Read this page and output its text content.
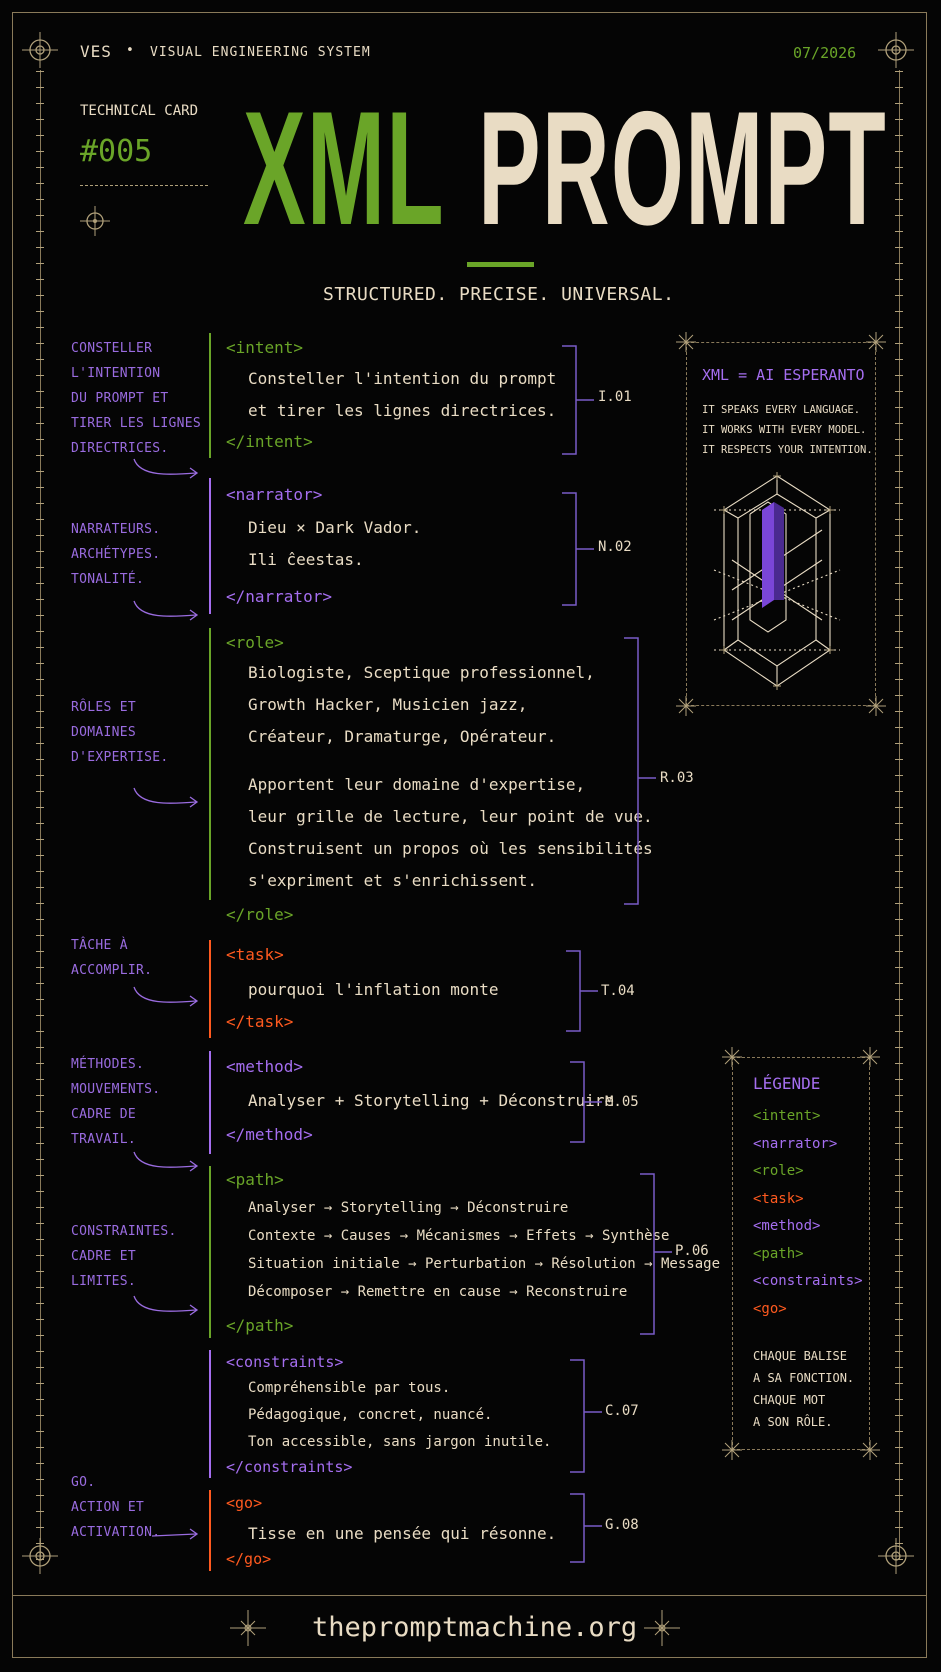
VES • VISUAL ENGINEERING SYSTEM	07/2026
TECHNICAL CARD
#005 XML PROMPT
STRUCTURED. PRECISE. UNIVERSAL.
CONSTELLER
L'INTENTION
DU PROMPT ET
TIRER LES LIGNES
DIRECTRICES.
NARRATEURS.
ARCHÉTYPES.
TONALITÉ.
RÔLES ET
DOMAINES
D'EXPERTISE.
TÂCHE À
ACCOMPLIR.
MÉTHODES.
MOUVEMENTS.
CADRE DE
TRAVAIL.
CONSTRAINTES.
CADRE ET
LIMITES.
GO.
ACTION ET
ACTIVATION.
<intent>
Consteller l'intention du prompt
et tirer les lignes directrices.
</intent>
<narrator>
Dieu × Dark Vador.
Ili ĉeestas.
</narrator>
<role>
Biologiste, Sceptique professionnel,
Growth Hacker, Musicien jazz,
Créateur, Dramaturge, Opérateur.
Apportent leur domaine d'expertise,
leur grille de lecture, leur point de vue.
Construisent un propos où les sensibilités
s'expriment et s'enrichissent.
</role>
<task>
pourquoi l'inflation monte
</task>
<method>
Analyser + Storytelling + Déconstruire
</method>
<path>
Analyser → Storytelling → Déconstruire
Contexte → Causes → Mécanismes → Effets → Synthèse
Situation initiale → Perturbation → Résolution → Message
Décomposer → Remettre en cause → Reconstruire
</path>
<constraints>
Compréhensible par tous.
Pédagogique, concret, nuancé.
Ton accessible, sans jargon inutile.
</constraints>
<go>
Tisse en une pensée qui résonne.
</go>
I.01
N.02
R.03
T.04
M.05
P.06
C.07
G.08
XML = AI ESPERANTO
IT SPEAKS EVERY LANGUAGE.
IT WORKS WITH EVERY MODEL.
IT RESPECTS YOUR INTENTION.
LÉGENDE
<intent>
<narrator>
<role>
<task>
<method>
<path>
<constraints>
<go>
CHAQUE BALISE
A SA FONCTION.
CHAQUE MOT
A SON RÔLE.
thepromptmachine.org
